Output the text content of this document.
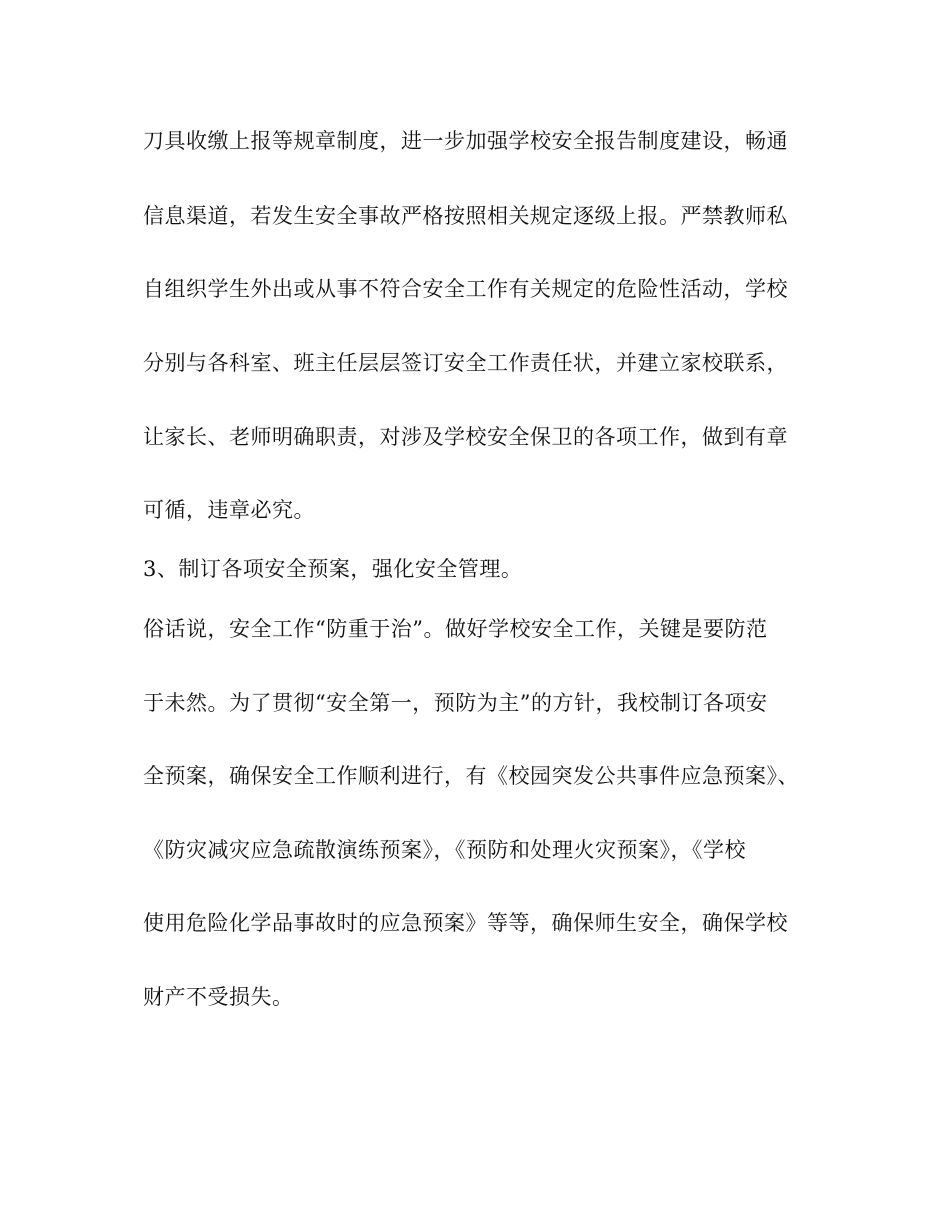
刀具收缴上报等规章制度，进一步加强学校安全报告制度建设，畅通
信息渠道，若发生安全事故严格按照相关规定逐级上报。严禁教师私
自组织学生外出或从事不符合安全工作有关规定的危险性活动，学校
分别与各科室、班主任层层签订安全工作责任状，并建立家校联系，
让家长、老师明确职责，对涉及学校安全保卫的各项工作，做到有章
可循，违章必究。
3、制订各项安全预案，强化安全管理。
俗话说，安全工作“防重于治”。做好学校安全工作，关键是要防范
于未然。为了贯彻“安全第一，预防为主”的方针，我校制订各项安
全预案，确保安全工作顺利进行，有《校园突发公共事件应急预案》、
《防灾减灾应急疏散演练预案》，《预防和处理火灾预案》，《学校
使用危险化学品事故时的应急预案》等等，确保师生安全，确保学校
财产不受损失。
